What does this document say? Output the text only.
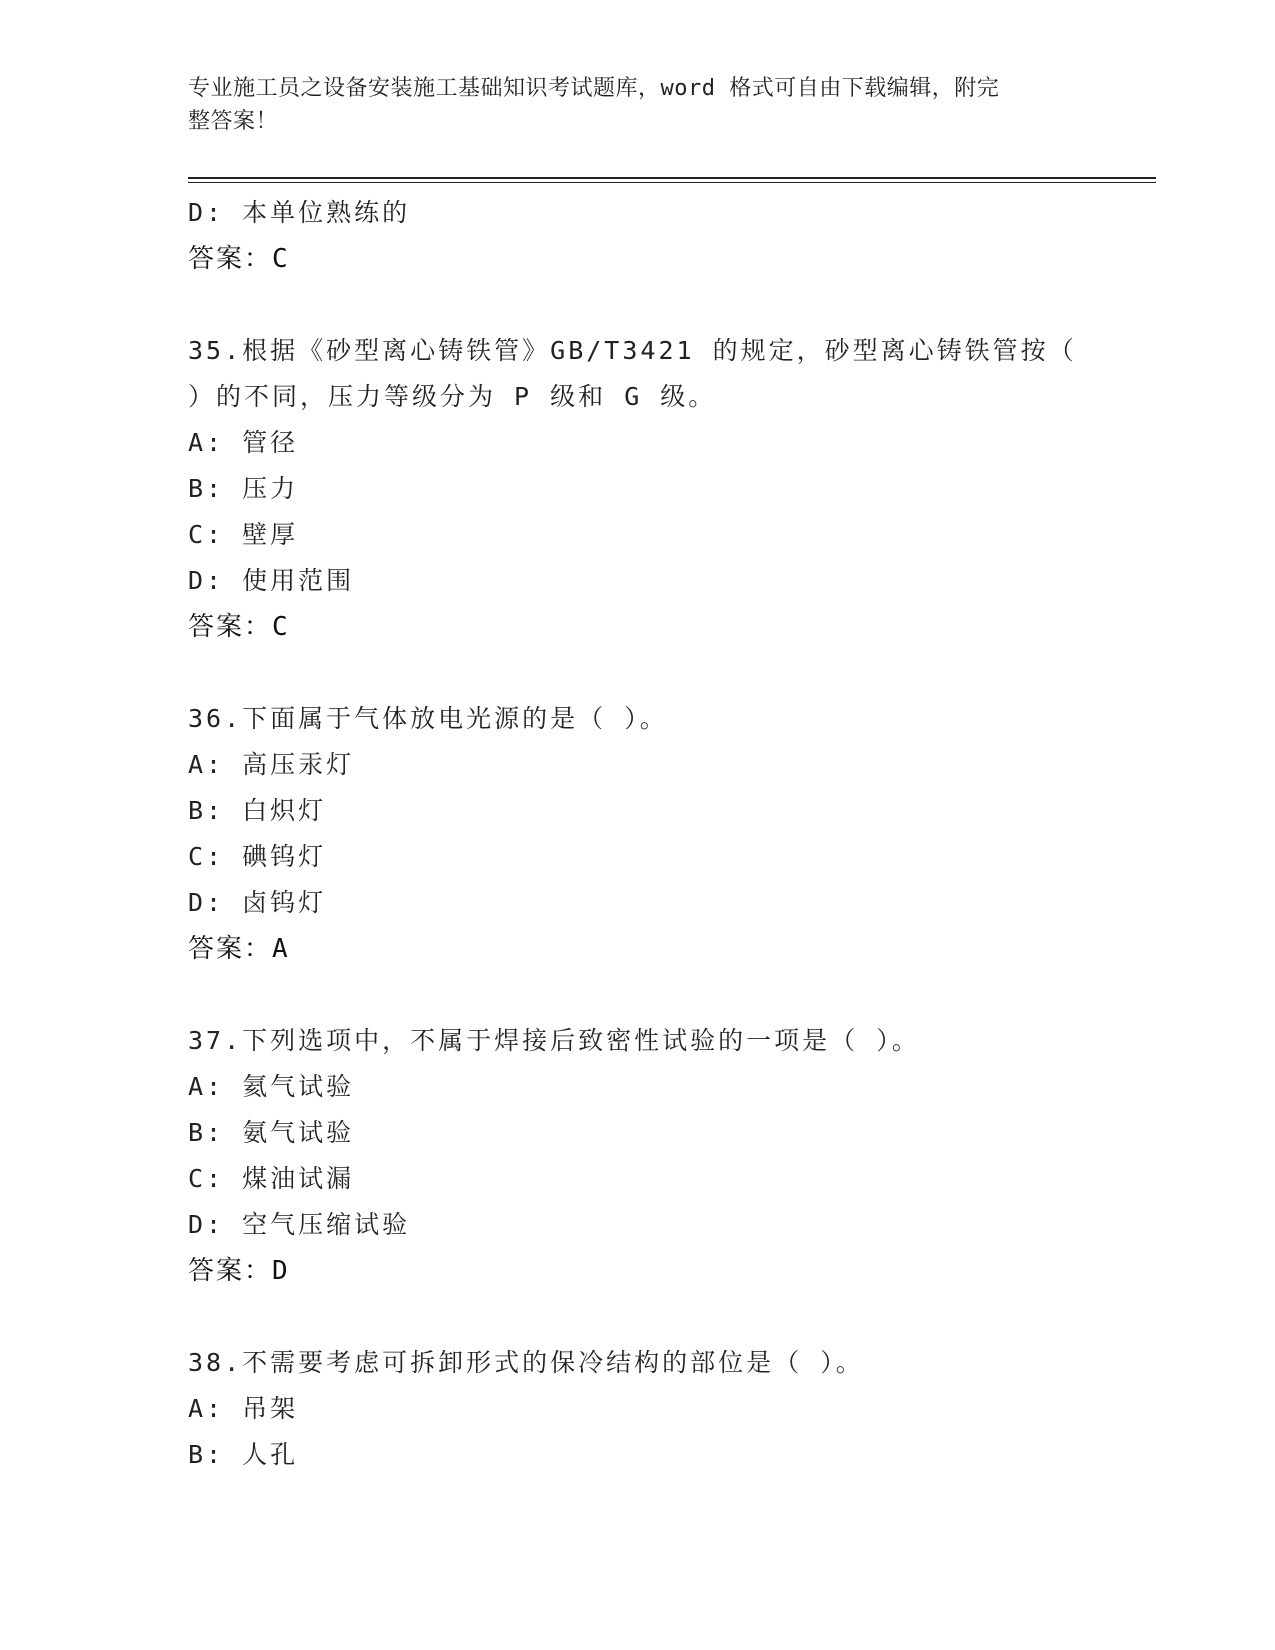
专业施工员之设备安装施工基础知识考试题库，word 格式可自由下载编辑，附完
整答案！
D: 本单位熟练的
答案：C
35.根据《砂型离心铸铁管》GB/T3421 的规定，砂型离心铸铁管按（
）的不同，压力等级分为 P 级和 G 级。
A: 管径
B: 压力
C: 壁厚
D: 使用范围
答案：C
36.下面属于气体放电光源的是（ ）。
A: 高压汞灯
B: 白炽灯
C: 碘钨灯
D: 卤钨灯
答案：A
37.下列选项中，不属于焊接后致密性试验的一项是（ ）。
A: 氦气试验
B: 氨气试验
C: 煤油试漏
D: 空气压缩试验
答案：D
38.不需要考虑可拆卸形式的保冷结构的部位是（ ）。
A: 吊架
B: 人孔
